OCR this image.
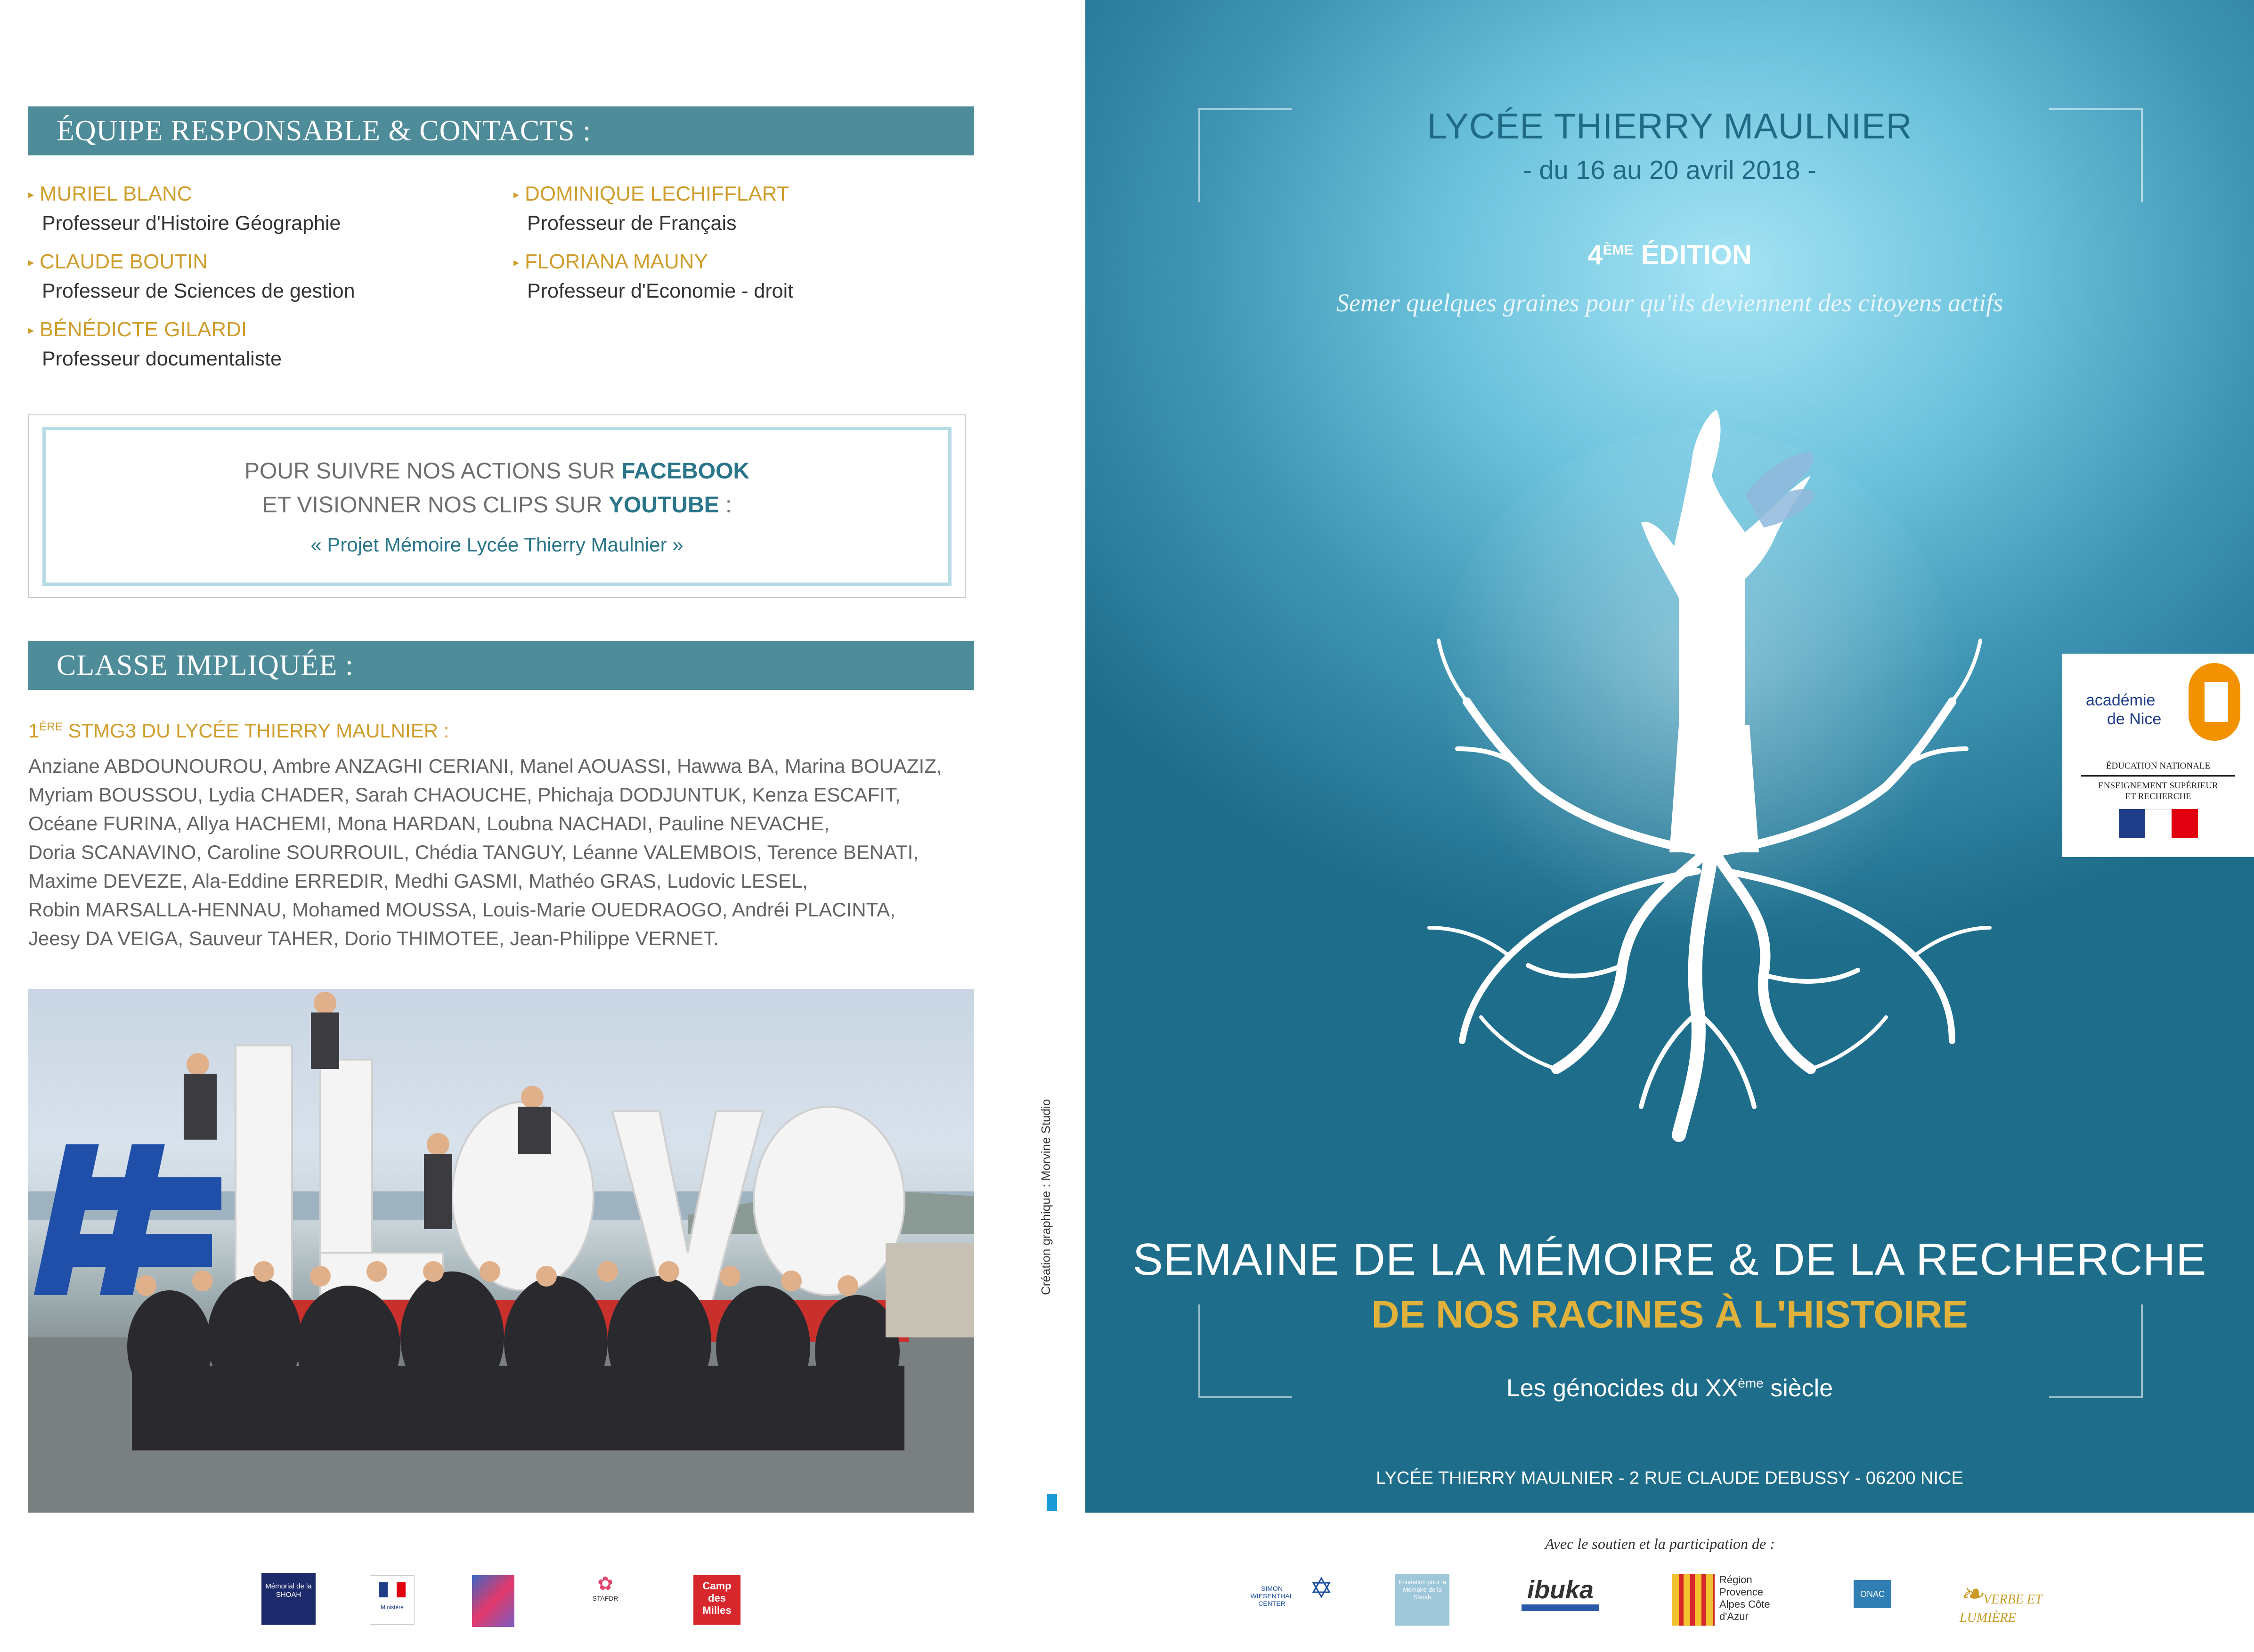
ÉQUIPE RESPONSABLE & CONTACTS :
▸ MURIEL BLANC
Professeur d'Histoire Géographie
▸ CLAUDE BOUTIN
Professeur de Sciences de gestion
▸ BÉNÉDICTE GILARDI
Professeur documentaliste
▸ DOMINIQUE LECHIFFLART
Professeur de Français
▸ FLORIANA MAUNY
Professeur d'Economie - droit
POUR SUIVRE NOS ACTIONS SUR FACEBOOK
ET VISIONNER NOS CLIPS SUR YOUTUBE :
« Projet Mémoire Lycée Thierry Maulnier »
CLASSE IMPLIQUÉE :
1ÈRE STMG3 DU LYCÉE THIERRY MAULNIER :
Anziane ABDOUNOUROU, Ambre ANZAGHI CERIANI, Manel AOUASSI, Hawwa BA, Marina BOUAZIZ,
Myriam BOUSSOU, Lydia CHADER, Sarah CHAOUCHE, Phichaja DODJUNTUK, Kenza ESCAFIT,
Océane FURINA, Allya HACHEMI, Mona HARDAN, Loubna NACHADI, Pauline NEVACHE,
Doria SCANAVINO, Caroline SOURROUIL, Chédia TANGUY, Léanne VALEMBOIS, Terence BENATI,
Maxime DEVEZE, Ala-Eddine ERREDIR, Medhi GASMI, Mathéo GRAS, Ludovic LESEL,
Robin MARSALLA-HENNAU, Mohamed MOUSSA, Louis-Marie OUEDRAOGO, Andréi PLACINTA,
Jeesy DA VEIGA, Sauveur TAHER, Dorio THIMOTEE, Jean-Philippe VERNET.
Création graphique : Morvine Studio
LYCÉE THIERRY MAULNIER
- du 16 au 20 avril 2018 -
4ÈME ÉDITION
Semer quelques graines pour qu'ils deviennent des citoyens actifs
SEMAINE DE LA MÉMOIRE & DE LA RECHERCHE
DE NOS RACINES À L'HISTOIRE
Les génocides du XXème siècle
LYCÉE THIERRY MAULNIER - 2 RUE CLAUDE DEBUSSY - 06200 NICE
académie
de Nice
ÉDUCATION NATIONALE
ENSEIGNEMENT SUPÉRIEUR
ET RECHERCHE
Avec le soutien et la participation de :
Mémorial de la SHOAH
Ministère
✿
STAFDR
Camp des Milles
SIMON WIESENTHAL CENTER ✡	Fondation pour la Mémoire de la Shoah	ibuka	Région Provence Alpes Côte d'Azur
ONAC	❧VERBE ET LUMIÈRE
